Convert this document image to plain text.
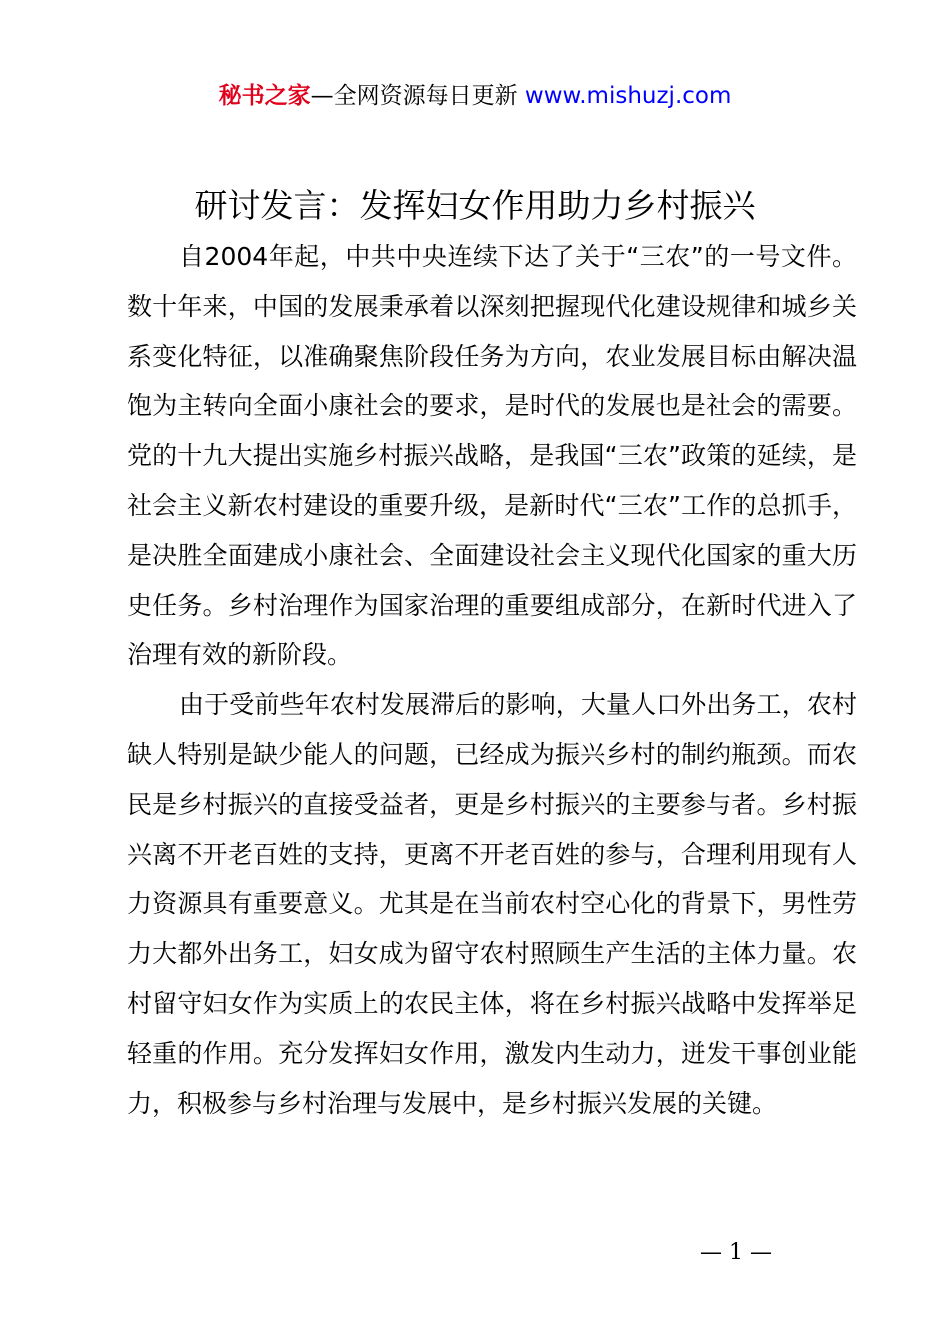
秘书之家—全网资源每日更新 www.mishuzj.com
研讨发言：发挥妇女作用助力乡村振兴

自2004年起，中共中央连续下达了关于“三农”的一号文件。数十年来，中国的发展秉承着以深刻把握现代化建设规律和城乡关系变化特征，以准确聚焦阶段任务为方向，农业发展目标由解决温饱为主转向全面小康社会的要求，是时代的发展也是社会的需要。党的十九大提出实施乡村振兴战略，是我国“三农”政策的延续，是社会主义新农村建设的重要升级，是新时代“三农”工作的总抓手，是决胜全面建成小康社会、全面建设社会主义现代化国家的重大历史任务。乡村治理作为国家治理的重要组成部分，在新时代进入了治理有效的新阶段。

由于受前些年农村发展滞后的影响，大量人口外出务工，农村缺人特别是缺少能人的问题，已经成为振兴乡村的制约瓶颈。而农民是乡村振兴的直接受益者，更是乡村振兴的主要参与者。乡村振兴离不开老百姓的支持，更离不开老百姓的参与，合理利用现有人力资源具有重要意义。尤其是在当前农村空心化的背景下，男性劳力大都外出务工，妇女成为留守农村照顾生产生活的主体力量。农村留守妇女作为实质上的农民主体，将在乡村振兴战略中发挥举足轻重的作用。充分发挥妇女作用，激发内生动力，迸发干事创业能力，积极参与乡村治理与发展中，是乡村振兴发展的关键。

— 1 —
